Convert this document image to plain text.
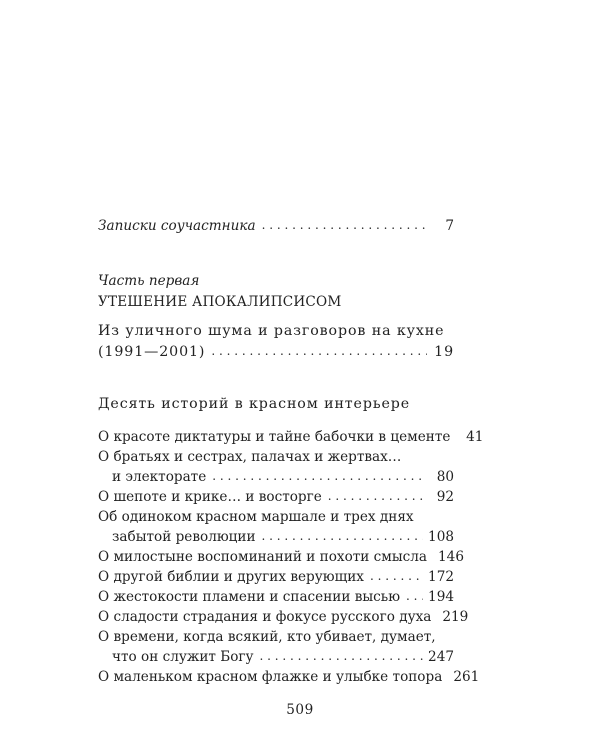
Записки соучастника . . .	7
Часть первая
УТЕШЕНИЕ АПОКАЛИПСИСОМ
Из уличного шума и разговоров на кухне
(1991—2001) . . .	19
Десять историй в красном интерьере
О красоте диктатуры и тайне бабочки в цементе	41
О братьях и сестрах, палачах и жертвах…
и электорате . . .	80
О шепоте и крике… и восторге . . .	92
Об одиноком красном маршале и трех днях
забытой революции . . .	108
О милостыне воспоминаний и похоти смысла 146
О другой библии и других верующих . . .	172
О жестокости пламени и спасении высью . . . 194
О сладости страдания и фокусе русского духа 219
О времени, когда всякий, кто убивает, думает,
что он служит Богу . . .	247
О маленьком красном флажке и улыбке топора 261
509
